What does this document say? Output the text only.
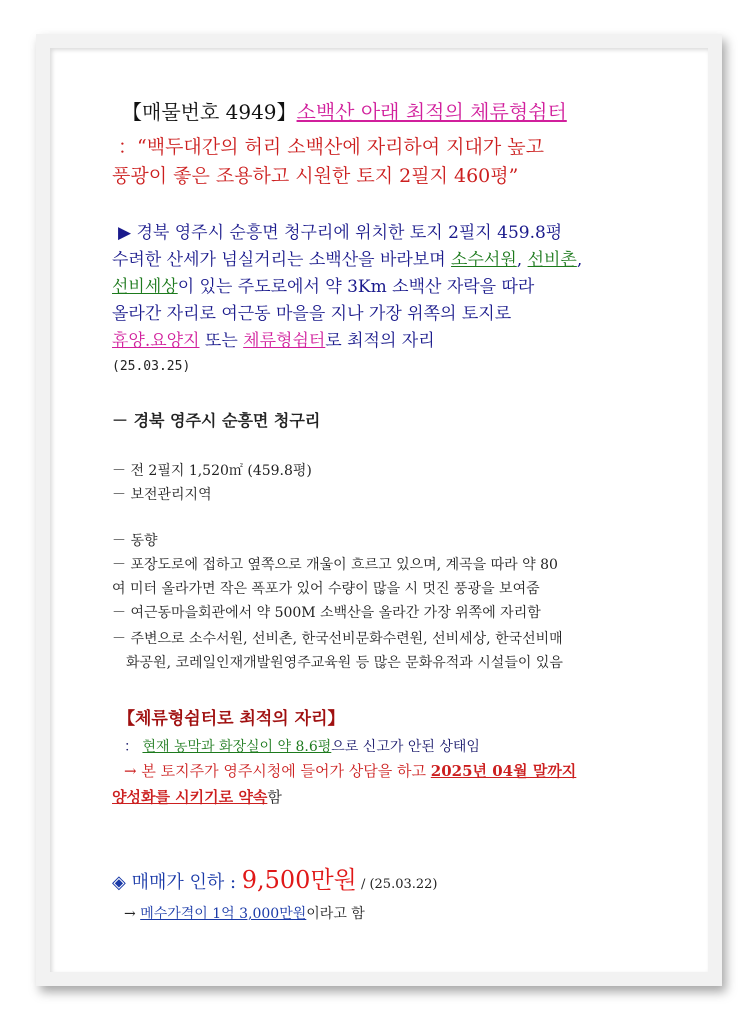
【매물번호 4949】소백산 아래 최적의 체류형쉼터
：“백두대간의 허리 소백산에 자리하여 지대가 높고
풍광이 좋은 조용하고 시원한 토지 2필지 460평”
▶ 경북 영주시 순흥면 청구리에 위치한 토지 2필지 459.8평
수려한 산세가 넘실거리는 소백산을 바라보며 소수서원, 선비촌,
선비세상이 있는 주도로에서 약 3Km 소백산 자락을 따라
올라간 자리로 여근동 마을을 지나 가장 위쪽의 토지로
휴양.요양지 또는 체류형쉼터로 최적의 자리
(25.03.25)
－ 경북 영주시 순흥면 청구리
－ 전 2필지 1,520㎡ (459.8평)
－ 보전관리지역
－ 동향
－ 포장도로에 접하고 옆쪽으로 개울이 흐르고 있으며, 계곡을 따라 약 80
여 미터 올라가면 작은 폭포가 있어 수량이 많을 시 멋진 풍광을 보여줌
－ 여근동마을회관에서 약 500M 소백산을 올라간 가장 위쪽에 자리함
－ 주변으로 소수서원, 선비촌, 한국선비문화수련원, 선비세상, 한국선비매
화공원, 코레일인재개발원영주교육원 등 많은 문화유적과 시설들이 있음
【체류형쉼터로 최적의 자리】
： 현재 농막과 화장실이 약 8.6평으로 신고가 안된 상태임
→ 본 토지주가 영주시청에 들어가 상담을 하고 2025년 04월 말까지
양성화를 시키기로 약속함
◈ 매매가 인하 : 9,500만원 / (25.03.22)
→ 메수가격이 1억 3,000만원이라고 함
